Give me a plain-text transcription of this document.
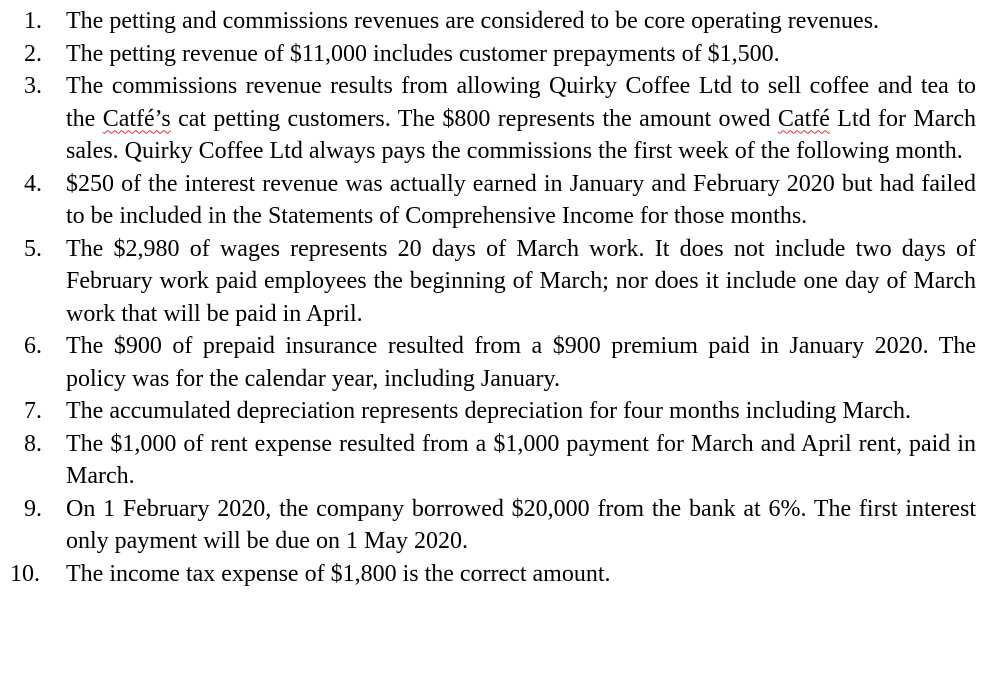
1.	The petting and commissions revenues are considered to be core operating revenues.
2.	The petting revenue of $11,000 includes customer prepayments of $1,500.
3.	The commissions revenue results from allowing Quirky Coffee Ltd to sell coffee and tea to the Catfé’s cat petting customers. The $800 represents the amount owed Catfé Ltd for March sales. Quirky Coffee Ltd always pays the commissions the first week of the following month.
4.	$250 of the interest revenue was actually earned in January and February 2020 but had failed to be included in the Statements of Comprehensive Income for those months.
5.	The $2,980 of wages represents 20 days of March work. It does not include two days of February work paid employees the beginning of March; nor does it include one day of March work that will be paid in April.
6.	The $900 of prepaid insurance resulted from a $900 premium paid in January 2020. The policy was for the calendar year, including January.
7.	The accumulated depreciation represents depreciation for four months including March.
8.	The $1,000 of rent expense resulted from a $1,000 payment for March and April rent, paid in March.
9.	On 1 February 2020, the company borrowed $20,000 from the bank at 6%. The first interest only payment will be due on 1 May 2020.
10. The income tax expense of $1,800 is the correct amount.
